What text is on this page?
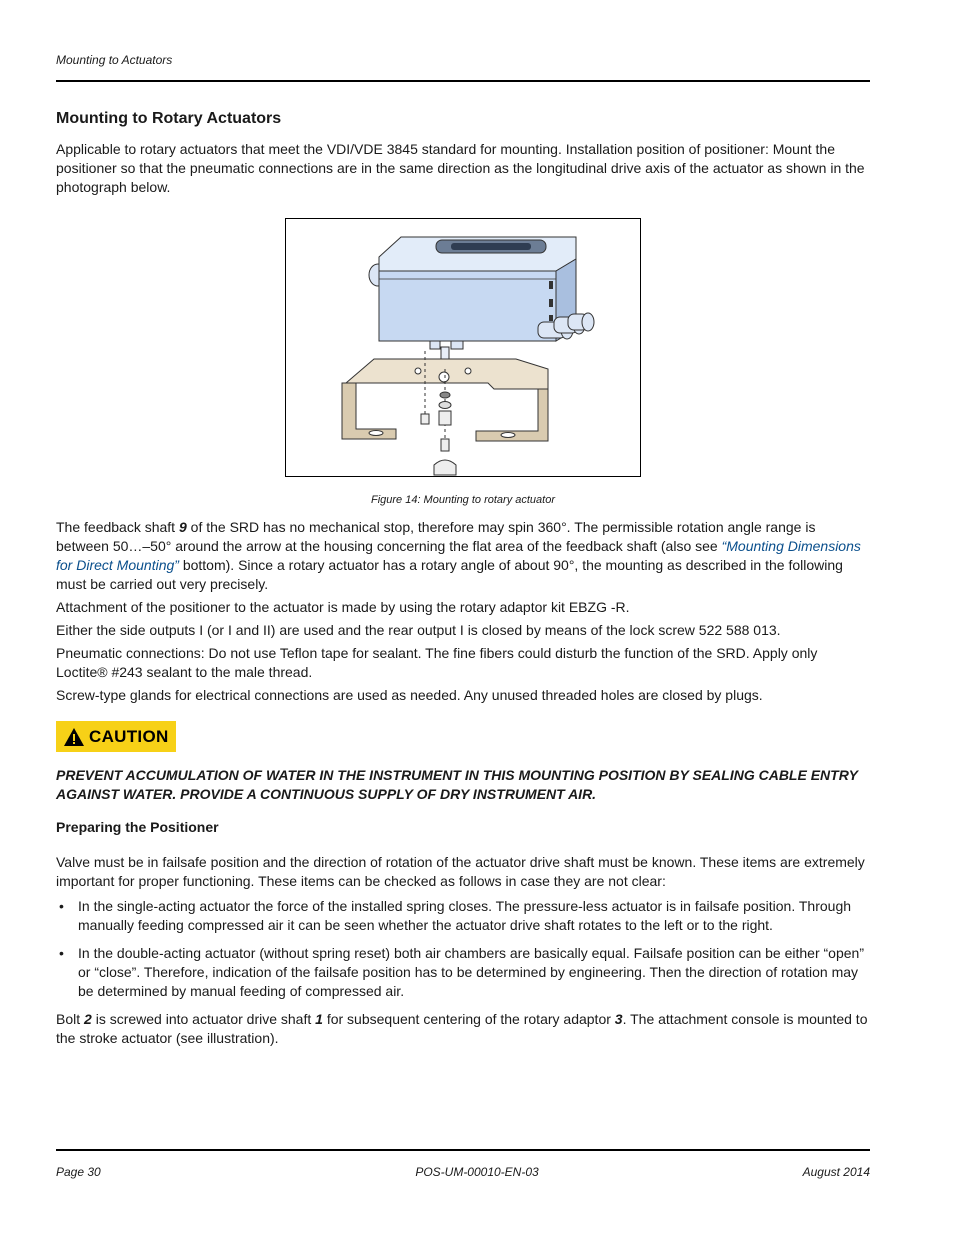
Mounting to Actuators
Mounting to Rotary Actuators

Applicable to rotary actuators that meet the VDI/VDE 3845 standard for mounting. Installation position of positioner: Mount the positioner so that the pneumatic connections are in the same direction as the longitudinal drive axis of the actuator as shown in the photograph below.

Figure 14: Mounting to rotary actuator

The feedback shaft 9 of the SRD has no mechanical stop, therefore may spin 360°. The permissible rotation angle range is between 50…–50° around the arrow at the housing concerning the flat area of the feedback shaft (also see “Mounting Dimensions for Direct Mounting” bottom). Since a rotary actuator has a rotary angle of about 90°, the mounting as described in the following must be carried out very precisely.

Attachment of the positioner to the actuator is made by using the rotary adaptor kit EBZG -R.

Either the side outputs I (or I and II) are used and the rear output I is closed by means of the lock screw 522 588 013.

Pneumatic connections: Do not use Teflon tape for sealant. The fine fibers could disturb the function of the SRD. Apply only Loctite® #243 sealant to the male thread.

Screw-type glands for electrical connections are used as needed. Any unused threaded holes are closed by plugs.

CAUTION

PREVENT ACCUMULATION OF WATER IN THE INSTRUMENT IN THIS MOUNTING POSITION BY SEALING CABLE ENTRY AGAINST WATER. PROVIDE A CONTINUOUS SUPPLY OF DRY INSTRUMENT AIR.

Preparing the Positioner

Valve must be in failsafe position and the direction of rotation of the actuator drive shaft must be known. These items are extremely important for proper functioning. These items can be checked as follows in case they are not clear:

• In the single-acting actuator the force of the installed spring closes. The pressure-less actuator is in failsafe position. Through manually feeding compressed air it can be seen whether the actuator drive shaft rotates to the left or to the right.
• In the double-acting actuator (without spring reset) both air chambers are basically equal. Failsafe position can be either “open” or “close”. Therefore, indication of the failsafe position has to be determined by engineering. Then the direction of rotation may be determined by manual feeding of compressed air.

Bolt 2 is screwed into actuator drive shaft 1 for subsequent centering of the rotary adaptor 3. The attachment console is mounted to the stroke actuator (see illustration).

Page 30	POS-UM-00010-EN-03	August 2014
